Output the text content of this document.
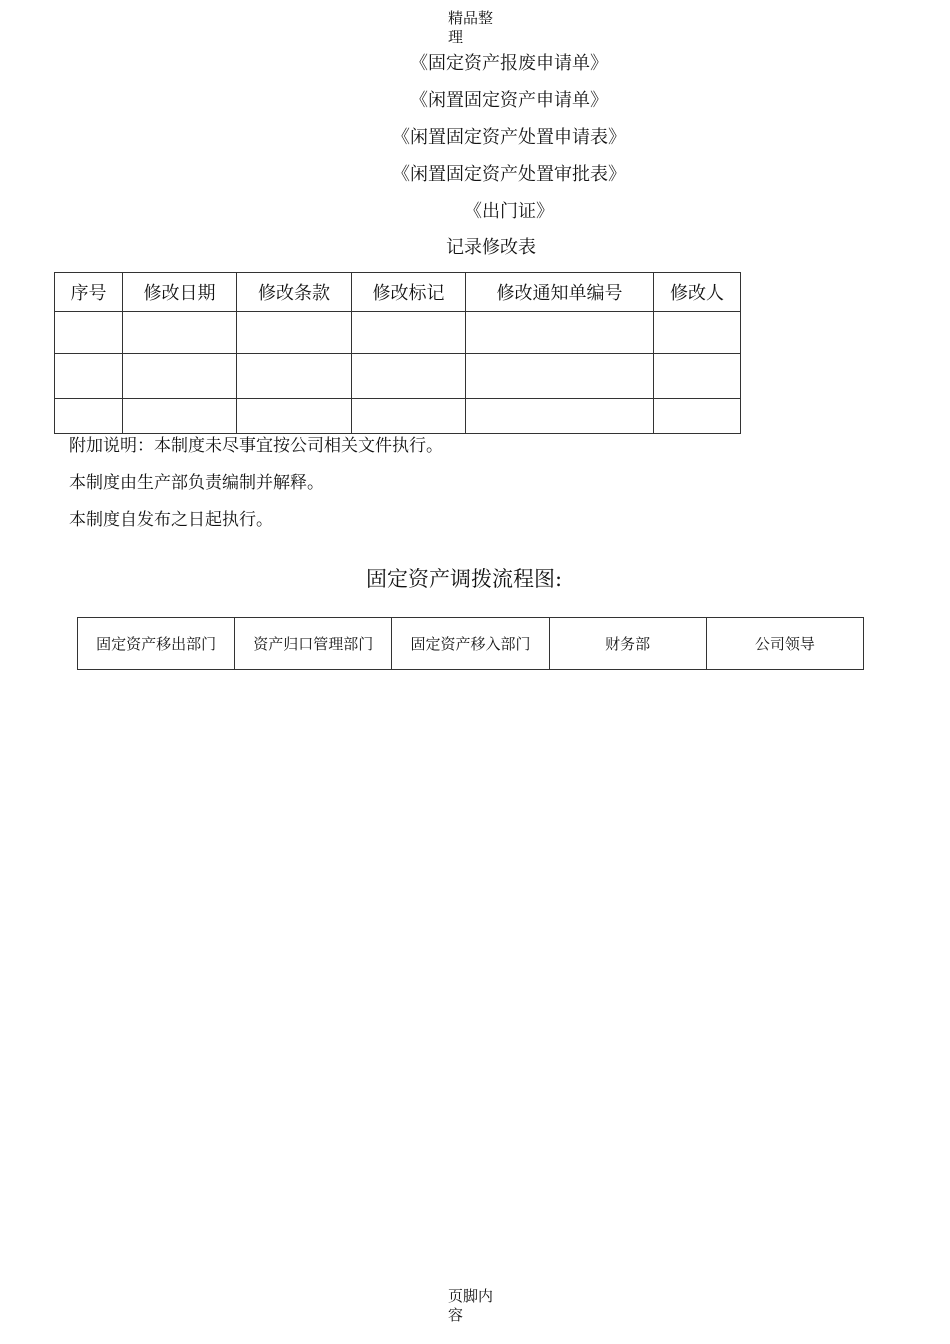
精品整理
《固定资产报废申请单》
《闲置固定资产申请单》
《闲置固定资产处置申请表》
《闲置固定资产处置审批表》
《出门证》
记录修改表
序号	修改日期	修改条款	修改标记	修改通知单编号	修改人

附加说明：本制度未尽事宜按公司相关文件执行。
本制度由生产部负责编制并解释。
本制度自发布之日起执行。
固定资产调拨流程图:
固定资产移出部门	资产归口管理部门	固定资产移入部门	财务部	公司领导
页脚内容
